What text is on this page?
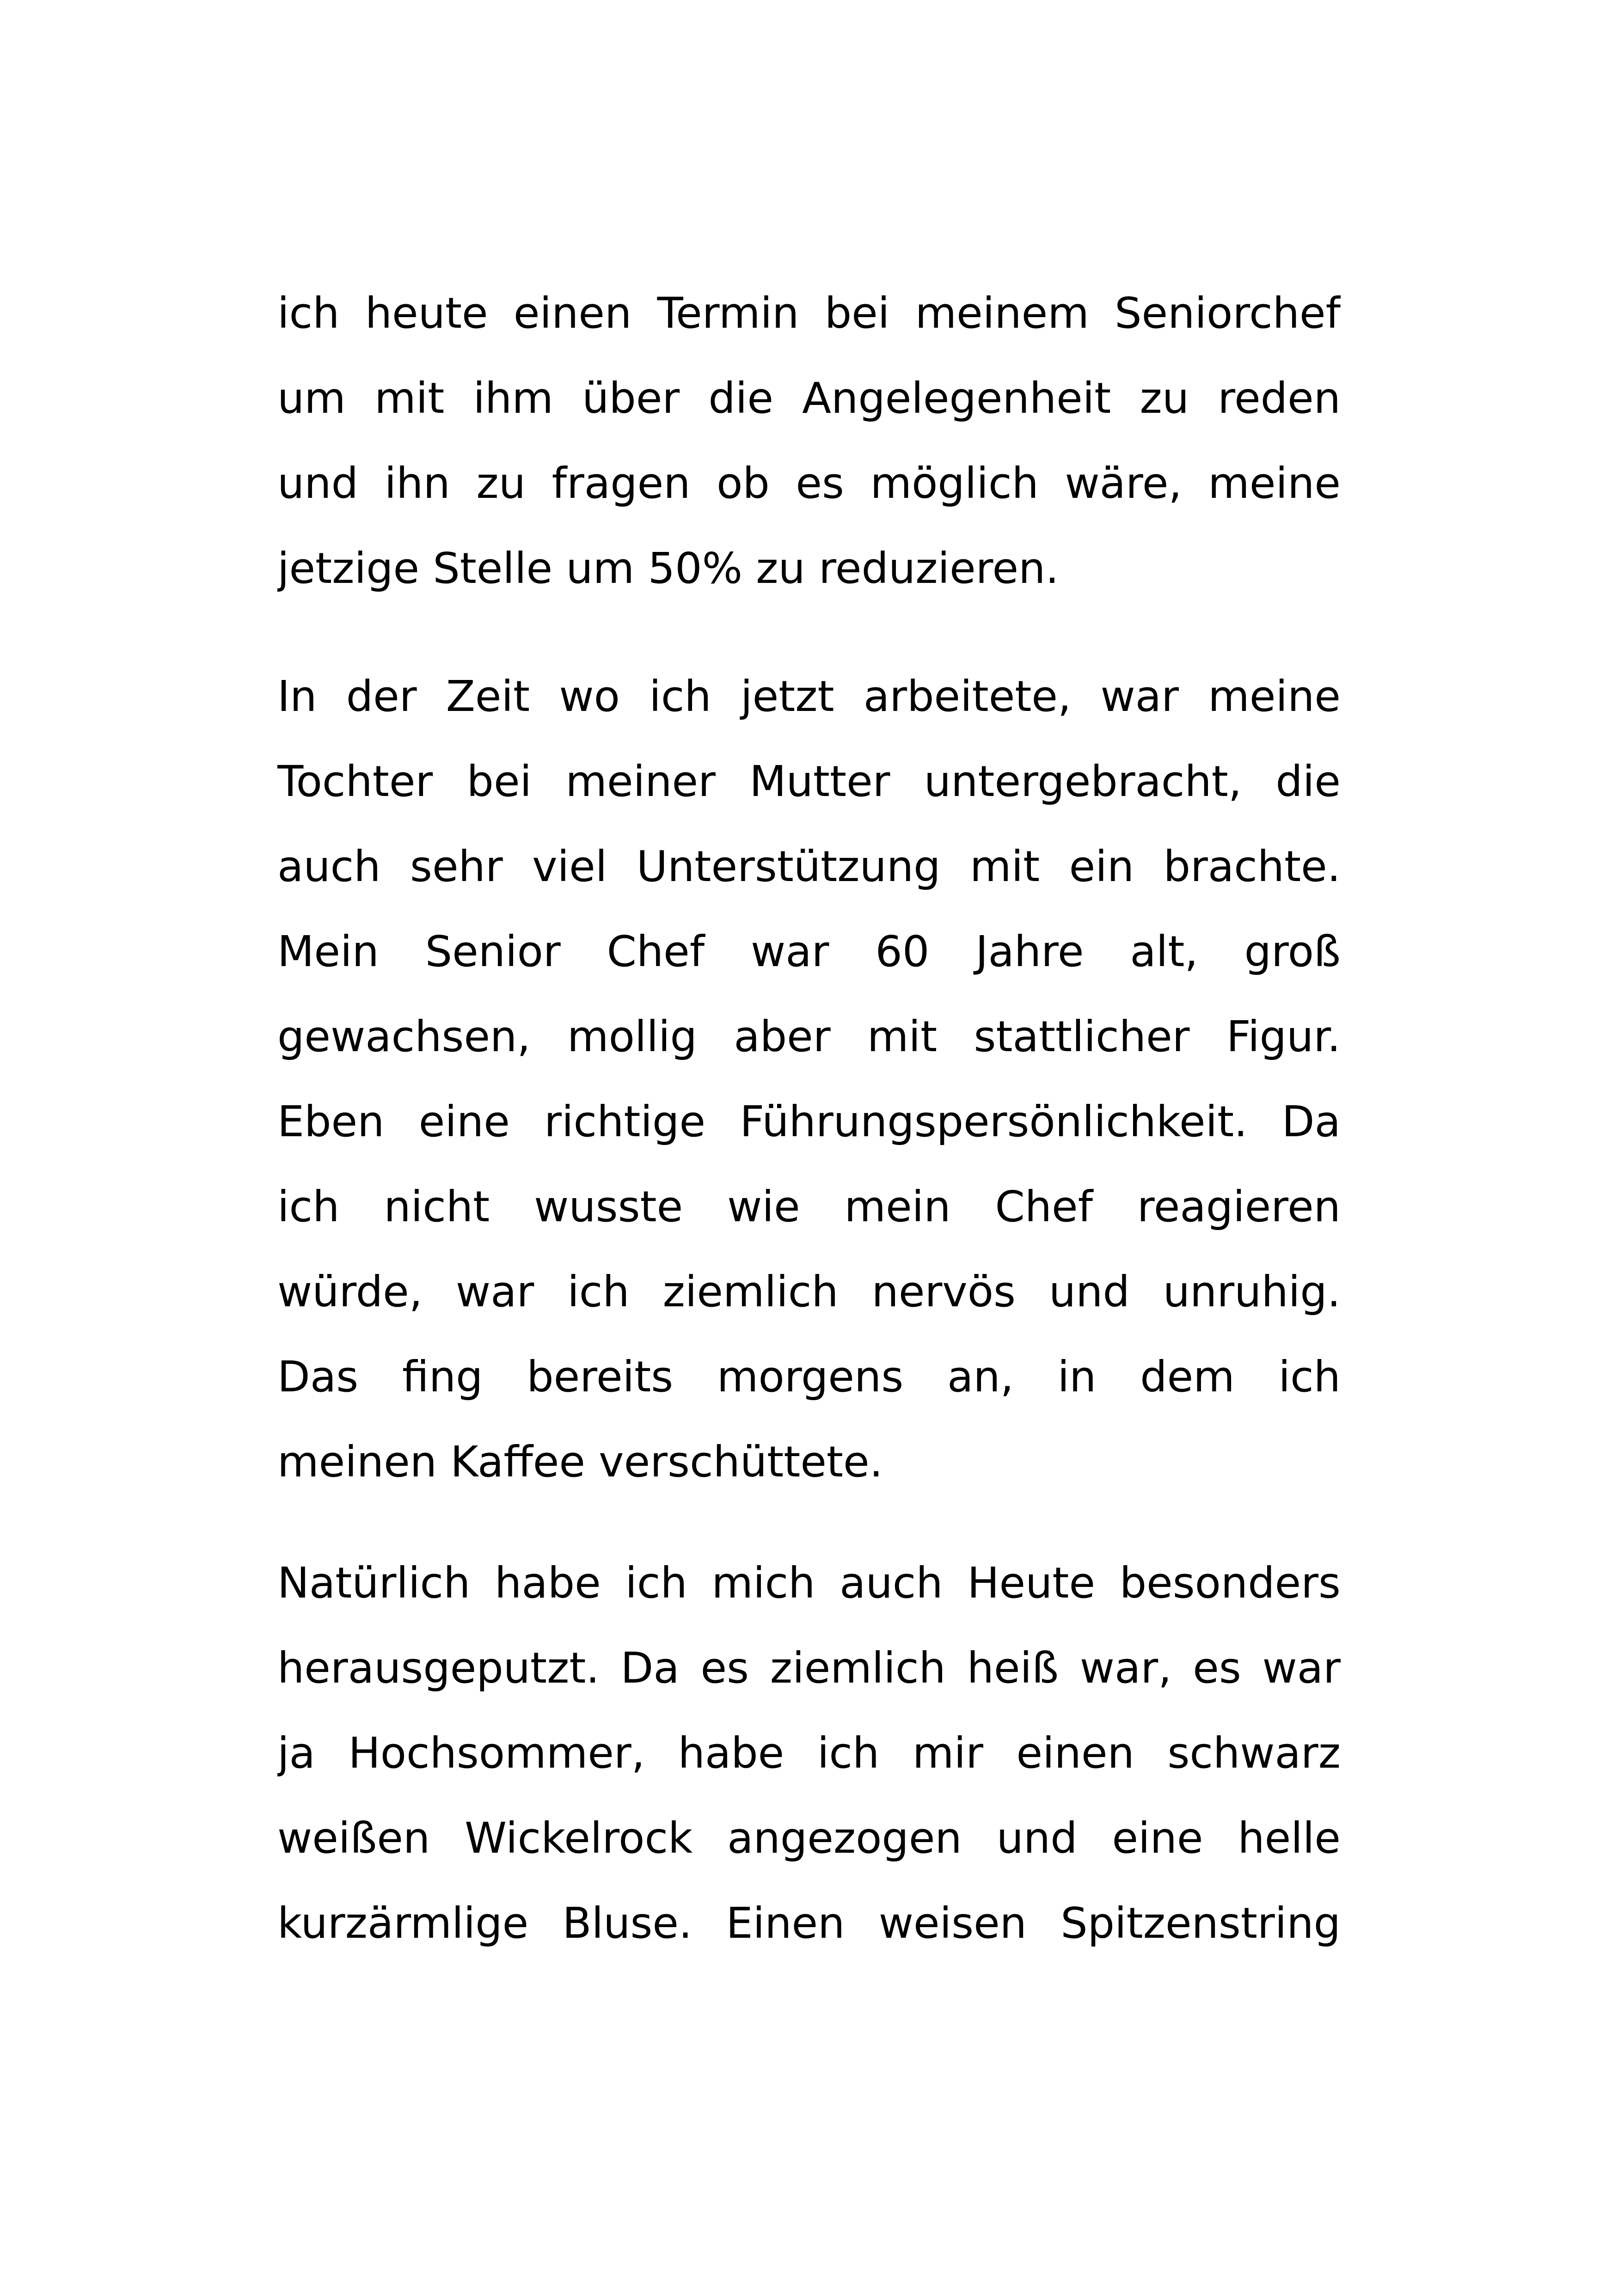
ich heute einen Termin bei meinem Seniorchef
um mit ihm über die Angelegenheit zu reden
und ihn zu fragen ob es möglich wäre, meine
jetzige Stelle um 50% zu reduzieren.
In der Zeit wo ich jetzt arbeitete, war meine
Tochter bei meiner Mutter untergebracht, die
auch sehr viel Unterstützung mit ein brachte.
Mein Senior Chef war 60 Jahre alt, groß
gewachsen, mollig aber mit stattlicher Figur.
Eben eine richtige Führungspersönlichkeit. Da
ich nicht wusste wie mein Chef reagieren
würde, war ich ziemlich nervös und unruhig.
Das fing bereits morgens an, in dem ich
meinen Kaffee verschüttete.
Natürlich habe ich mich auch Heute besonders
herausgeputzt. Da es ziemlich heiß war, es war
ja Hochsommer, habe ich mir einen schwarz
weißen Wickelrock angezogen und eine helle
kurzärmlige Bluse. Einen weisen Spitzenstring
